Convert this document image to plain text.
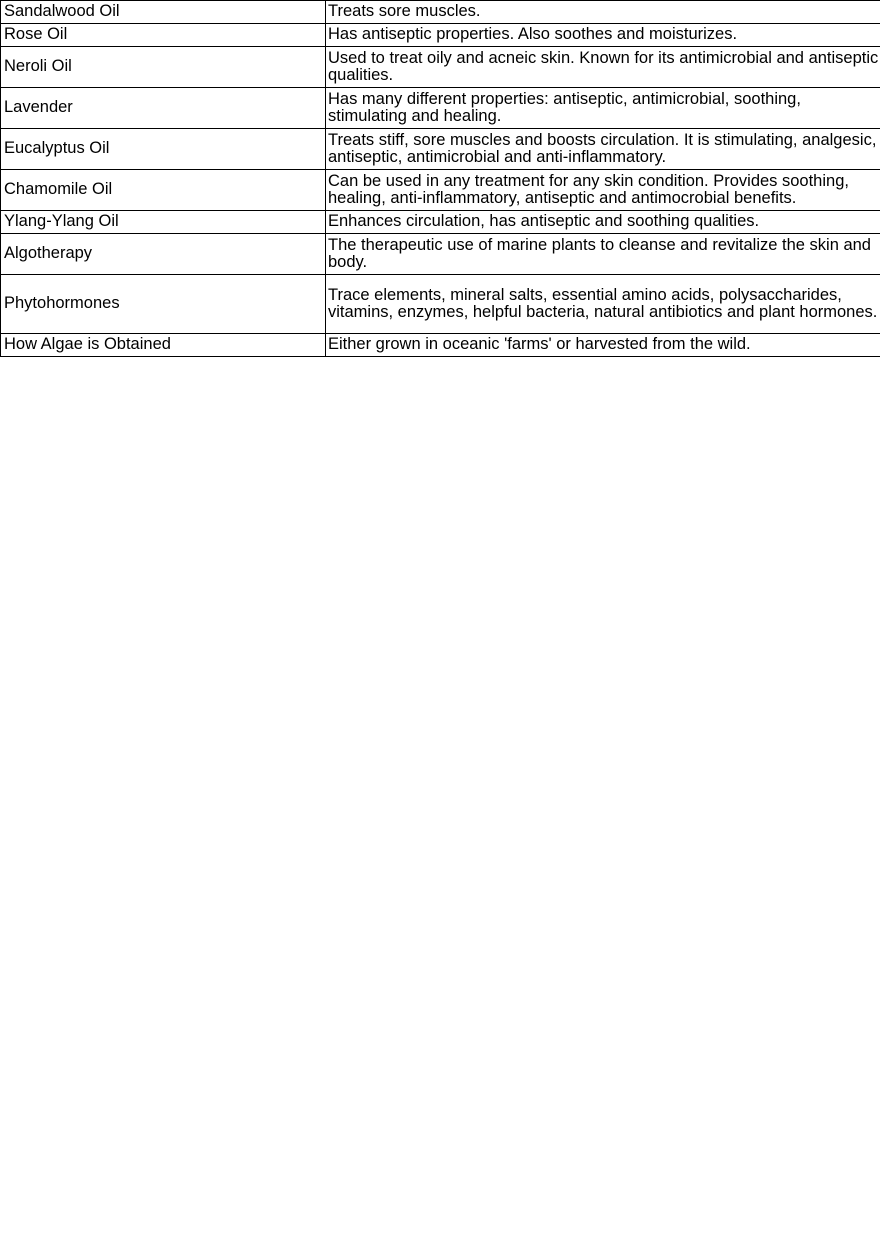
Sandalwood Oil	Treats sore muscles.
Rose Oil	Has antiseptic properties. Also soothes and moisturizes.
Neroli Oil	Used to treat oily and acneic skin. Known for its antimicrobial and antiseptic qualities.
Lavender	Has many different properties: antiseptic, antimicrobial, soothing, stimulating and healing.
Eucalyptus Oil	Treats stiff, sore muscles and boosts circulation. It is stimulating, analgesic, antiseptic, antimicrobial and anti-inflammatory.
Chamomile Oil	Can be used in any treatment for any skin condition. Provides soothing, healing, anti-inflammatory, antiseptic and antimocrobial benefits.
Ylang-Ylang Oil	Enhances circulation, has antiseptic and soothing qualities.
Algotherapy	The therapeutic use of marine plants to cleanse and revitalize the skin and body.
Phytohormones	Trace elements, mineral salts, essential amino acids, polysaccharides, vitamins, enzymes, helpful bacteria, natural antibiotics and plant hormones.
How Algae is Obtained	Either grown in oceanic 'farms' or harvested from the wild.
